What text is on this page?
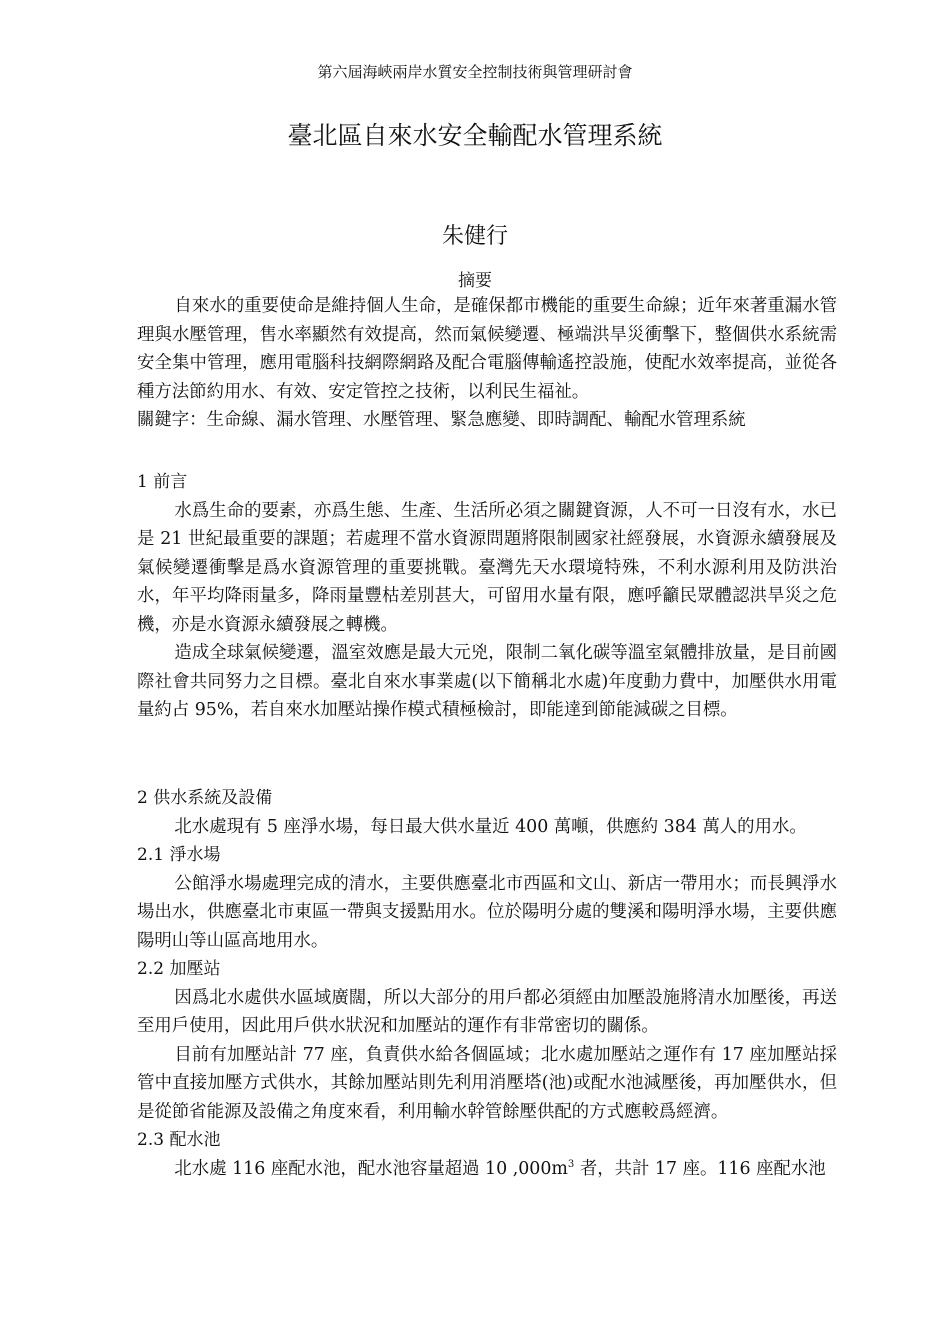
第六屆海峽兩岸水質安全控制技術與管理研討會
臺北區自來水安全輸配水管理系統
朱健行
摘要

自來水的重要使命是維持個人生命，是確保都市機能的重要生命線；近年來著重漏水管理與水壓管理，售水率顯然有效提高，然而氣候變遷、極端洪旱災衝擊下，整個供水系統需安全集中管理，應用電腦科技網際網路及配合電腦傳輸遙控設施，使配水效率提高，並從各種方法節約用水、有效、安定管控之技術，以利民生福祉。

關鍵字：生命線、漏水管理、水壓管理、緊急應變、即時調配、輸配水管理系統

1 前言

水爲生命的要素，亦爲生態、生產、生活所必須之關鍵資源，人不可一日沒有水，水已是 21 世紀最重要的課題；若處理不當水資源問題將限制國家社經發展，水資源永續發展及氣候變遷衝擊是爲水資源管理的重要挑戰。臺灣先天水環境特殊，不利水源利用及防洪治水，年平均降雨量多，降雨量豐枯差別甚大，可留用水量有限，應呼籲民眾體認洪旱災之危機，亦是水資源永續發展之轉機。

造成全球氣候變遷，溫室效應是最大元兇，限制二氧化碳等溫室氣體排放量，是目前國際社會共同努力之目標。臺北自來水事業處(以下簡稱北水處)年度動力費中，加壓供水用電量約占 95%，若自來水加壓站操作模式積極檢討，即能達到節能減碳之目標。

2 供水系統及設備

北水處現有 5 座淨水場，每日最大供水量近 400 萬噸，供應約 384 萬人的用水。

2.1 淨水場

公館淨水場處理完成的清水，主要供應臺北市西區和文山、新店一帶用水；而長興淨水場出水，供應臺北市東區一帶與支援點用水。位於陽明分處的雙溪和陽明淨水場，主要供應陽明山等山區高地用水。

2.2 加壓站

因爲北水處供水區域廣闊，所以大部分的用戶都必須經由加壓設施將清水加壓後，再送至用戶使用，因此用戶供水狀況和加壓站的運作有非常密切的關係。

目前有加壓站計 77 座，負責供水給各個區域；北水處加壓站之運作有 17 座加壓站採管中直接加壓方式供水，其餘加壓站則先利用消壓塔(池)或配水池減壓後，再加壓供水，但是從節省能源及設備之角度來看，利用輸水幹管餘壓供配的方式應較爲經濟。

2.3 配水池

北水處 116 座配水池，配水池容量超過 10 $,000m^3$ 者，共計 17 座。116 座配水池
